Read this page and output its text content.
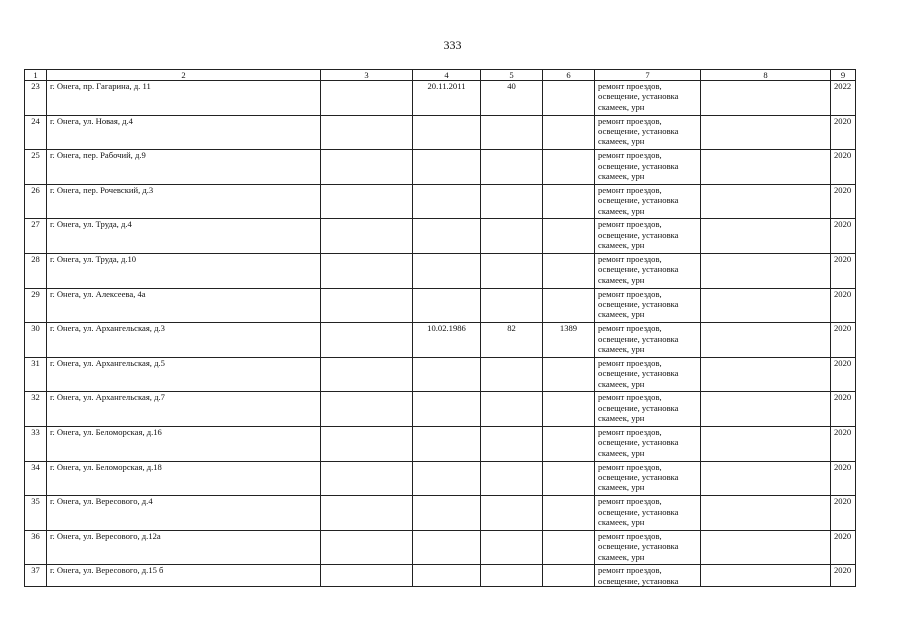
333
1	2	3	4	5	6	7	8	9
23	г. Онега, пр. Гагарина, д. 11		20.11.2011	40		ремонт проездов,
освещение, установка
скамеек, урн		2022
24	г. Онега, ул. Новая, д.4					ремонт проездов,
освещение, установка
скамеек, урн		2020
25	г. Онега, пер. Рабочий, д.9					ремонт проездов,
освещение, установка
скамеек, урн		2020
26	г. Онега, пер. Рочевский, д.3					ремонт проездов,
освещение, установка
скамеек, урн		2020
27	г. Онега, ул. Труда, д.4					ремонт проездов,
освещение, установка
скамеек, урн		2020
28	г. Онега, ул. Труда, д.10					ремонт проездов,
освещение, установка
скамеек, урн		2020
29	г. Онега, ул. Алексеева, 4а					ремонт проездов,
освещение, установка
скамеек, урн		2020
30	г. Онега, ул. Архангельская, д.3		10.02.1986	82	1389	ремонт проездов,
освещение, установка
скамеек, урн		2020
31	г. Онега, ул. Архангельская, д.5					ремонт проездов,
освещение, установка
скамеек, урн		2020
32	г. Онега, ул. Архангельская, д.7					ремонт проездов,
освещение, установка
скамеек, урн		2020
33	г. Онега, ул. Беломорская, д.16					ремонт проездов,
освещение, установка
скамеек, урн		2020
34	г. Онега, ул. Беломорская, д.18					ремонт проездов,
освещение, установка
скамеек, урн		2020
35	г. Онега, ул. Вересового, д.4					ремонт проездов,
освещение, установка
скамеек, урн		2020
36	г. Онега, ул. Вересового, д.12а					ремонт проездов,
освещение, установка
скамеек, урн		2020
37	г. Онега, ул. Вересового, д.15 б					ремонт проездов,
освещение, установка		2020
